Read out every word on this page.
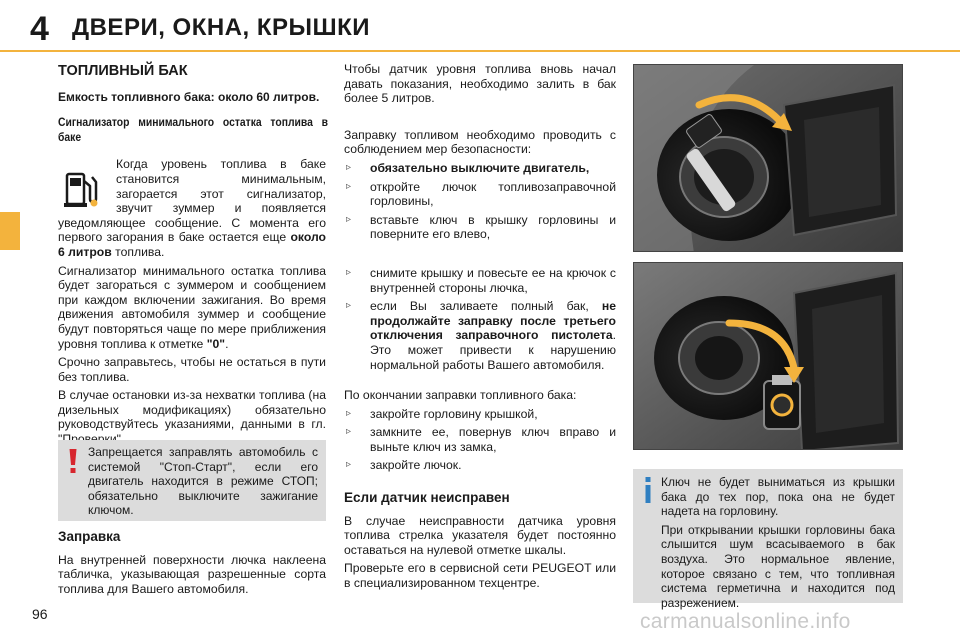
4 ДВЕРИ, ОКНА, КРЫШКИ
ТОПЛИВНЫЙ БАК
Емкость топливного бака: около 60 литров.
Сигнализатор минимального остатка топлива в баке

Когда уровень топлива в баке становится минимальным, загорается этот сигнализатор, звучит зуммер и появляется уведомляющее сообщение. С момента его первого загорания в баке остается еще около 6 литров топлива.

Сигнализатор минимального остатка топлива будет загораться с зуммером и сообщением при каждом включении зажигания. Во время движения автомобиля зуммер и сообщение будут повторяться чаще по мере приближения уровня топлива к отметке "0".

Срочно заправьтесь, чтобы не остаться в пути без топлива.

В случае остановки из-за нехватки топлива (на дизельных модификациях) обязательно руководствуйтесь указаниями, данными в гл.

Запрещается заправлять автомобиль с системой "Стоп-Старт", если его двигатель находится в режиме СТОП; обязательно выключите зажигание ключом.
Заправка

На внутренней поверхности лючка наклеена табличка, указывающая разрешенные сорта топлива для Вашего автомобиля.

Чтобы датчик уровня топлива вновь начал давать показания, необходимо залить в бак более 5 литров.

Заправку топливом необходимо проводить с соблюдением мер безопасности:

▹ обязательно выключите двигатель,
▹ откройте лючок топливозаправочной горловины,
▹ вставьте ключ в крышку горловины и поверните его влево,
▹ снимите крышку и повесьте ее на крючок с внутренней стороны лючка,
▹ если Вы заливаете полный бак, не продолжайте заправку после третьего отключения заправочного пистолета. Это может привести к нарушению нормальной работы Вашего автомобиля.

По окончании заправки топливного бака:

▹ закройте горловину крышкой,
▹ замкните ее, повернув ключ вправо и выньте ключ из замка,
▹ закройте лючок.
Если датчик неисправен

В случае неисправности датчика уровня топлива стрелка указателя будет постоянно оставаться на нулевой отметке шкалы.

Проверьте его в сервисной сети PEUGEOT или в специализированном техцентре.

Ключ не будет выниматься из крышки бака до тех пор, пока она не будет надета на горловину.

При открывании крышки горловины бака слышится шум всасываемого в бак воздуха. Это нормальное явление, которое связано с тем, что топливная система герметична и находится под разрежением.

96	carmanualsonline.info
